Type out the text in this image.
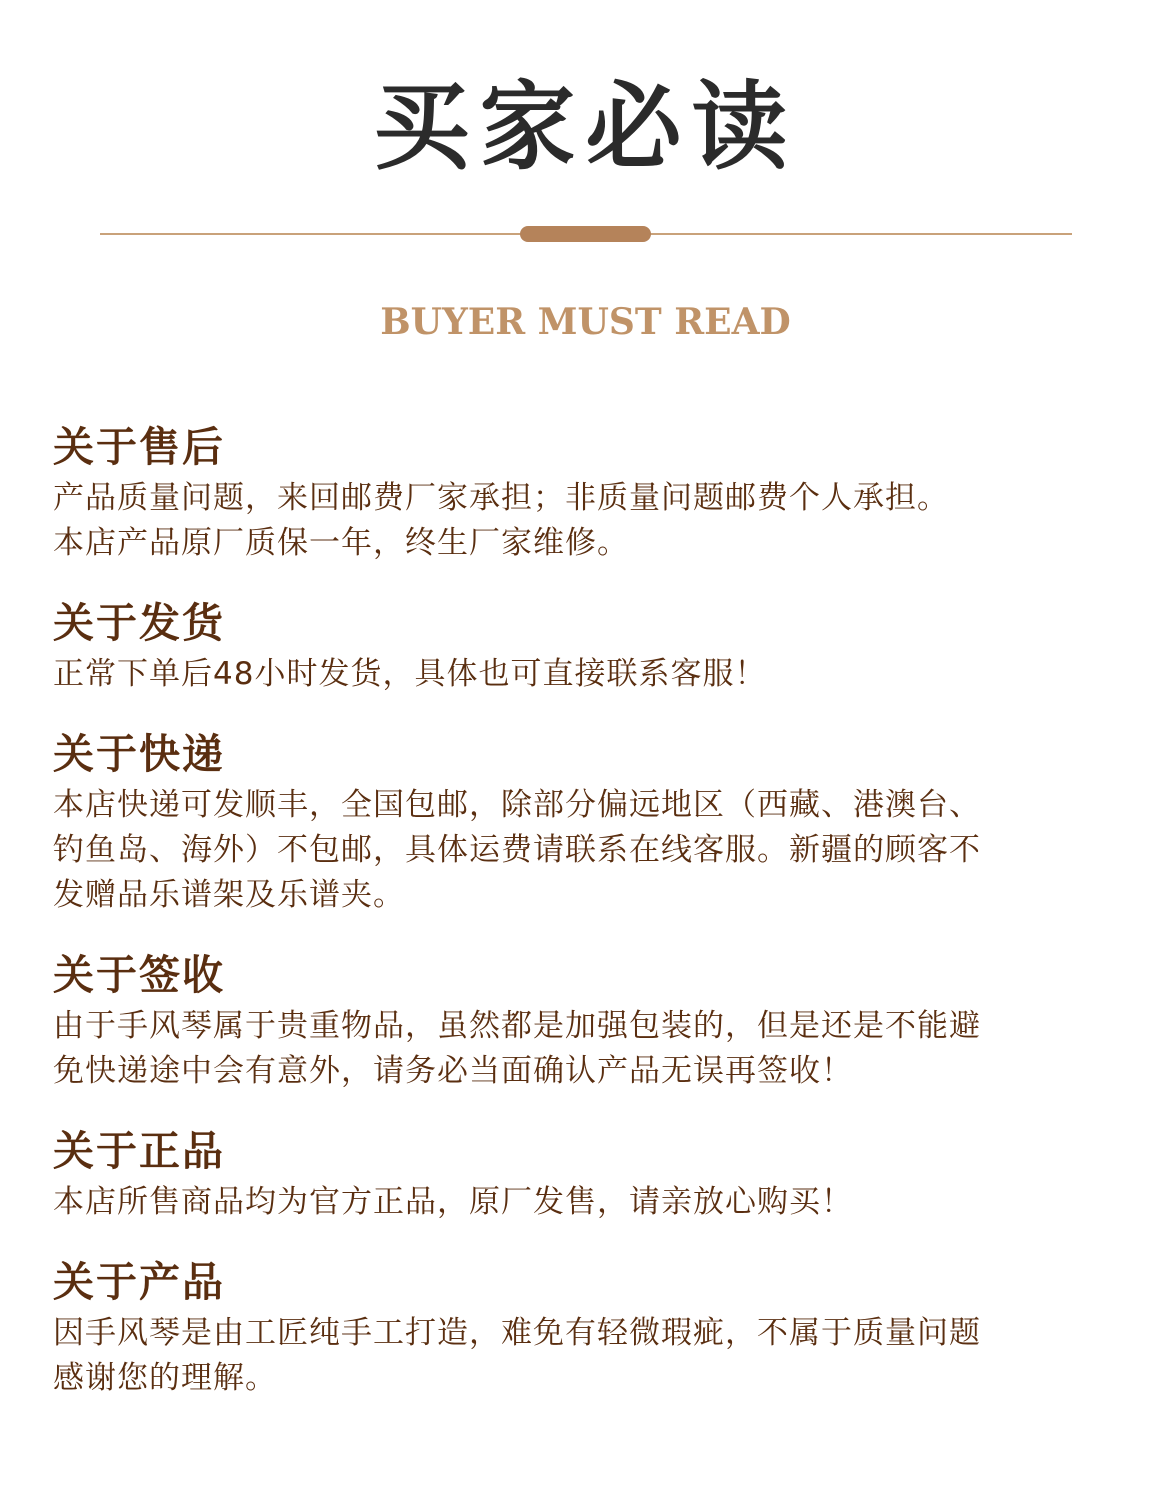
买家必读
BUYER MUST READ
关于售后
产品质量问题，来回邮费厂家承担；非质量问题邮费个人承担。
本店产品原厂质保一年，终生厂家维修。
关于发货
正常下单后48小时发货，具体也可直接联系客服！
关于快递
本店快递可发顺丰，全国包邮，除部分偏远地区（西藏、港澳台、
钓鱼岛、海外）不包邮，具体运费请联系在线客服。新疆的顾客不
发赠品乐谱架及乐谱夹。
关于签收
由于手风琴属于贵重物品，虽然都是加强包装的，但是还是不能避
免快递途中会有意外，请务必当面确认产品无误再签收！
关于正品
本店所售商品均为官方正品，原厂发售，请亲放心购买！
关于产品
因手风琴是由工匠纯手工打造，难免有轻微瑕疵，不属于质量问题
感谢您的理解。
